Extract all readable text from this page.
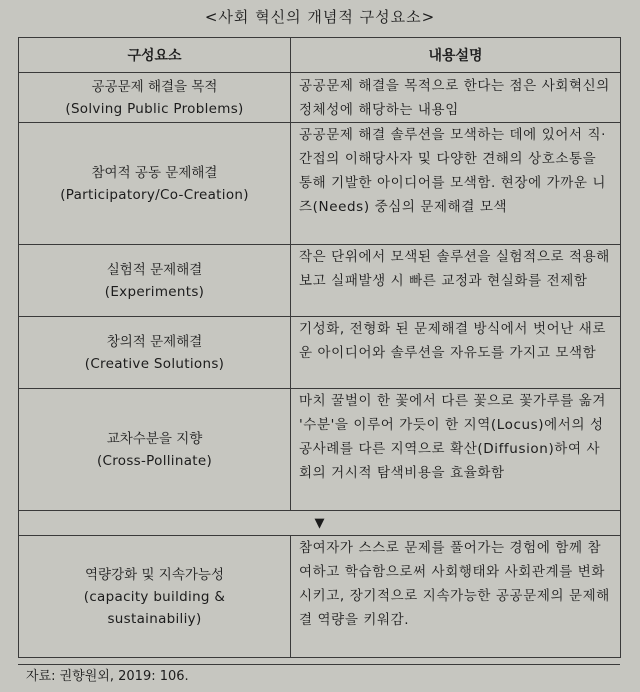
<사회 혁신의 개념적 구성요소>
구성요소	내용설명
공공문제 해결을 목적
(Solving Public Problems)	공공문제 해결을 목적으로 한다는 점은 사회혁신의 정체성에 해당하는 내용임
참여적 공동 문제해결
(Participatory/Co-Creation)	공공문제 해결 솔루션을 모색하는 데에 있어서 직·간접의 이해당사자 및 다양한 견해의 상호소통을 통해 기발한 아이디어를 모색함. 현장에 가까운 니즈(Needs) 중심의 문제해결 모색
실험적 문제해결
(Experiments)	작은 단위에서 모색된 솔루션을 실험적으로 적용해보고 실패발생 시 빠른 교정과 현실화를 전제함
창의적 문제해결
(Creative Solutions)	기성화, 전형화 된 문제해결 방식에서 벗어난 새로운 아이디어와 솔루션을 자유도를 가지고 모색함
교차수분을 지향
(Cross-Pollinate)	마치 꿀벌이 한 꽃에서 다른 꽃으로 꽃가루를 옮겨 '수분'을 이루어 가듯이 한 지역(Locus)에서의 성공사례를 다른 지역으로 확산(Diffusion)하여 사회의 거시적 탐색비용을 효율화함
▼	
역량강화 및 지속가능성
(capacity building &
sustainabiliy)	참여자가 스스로 문제를 풀어가는 경험에 함께 참여하고 학습함으로써 사회행태와 사회관계를 변화시키고, 장기적으로 지속가능한 공공문제의 문제해결 역량을 키워감.
자료: 권향원외, 2019: 106.
